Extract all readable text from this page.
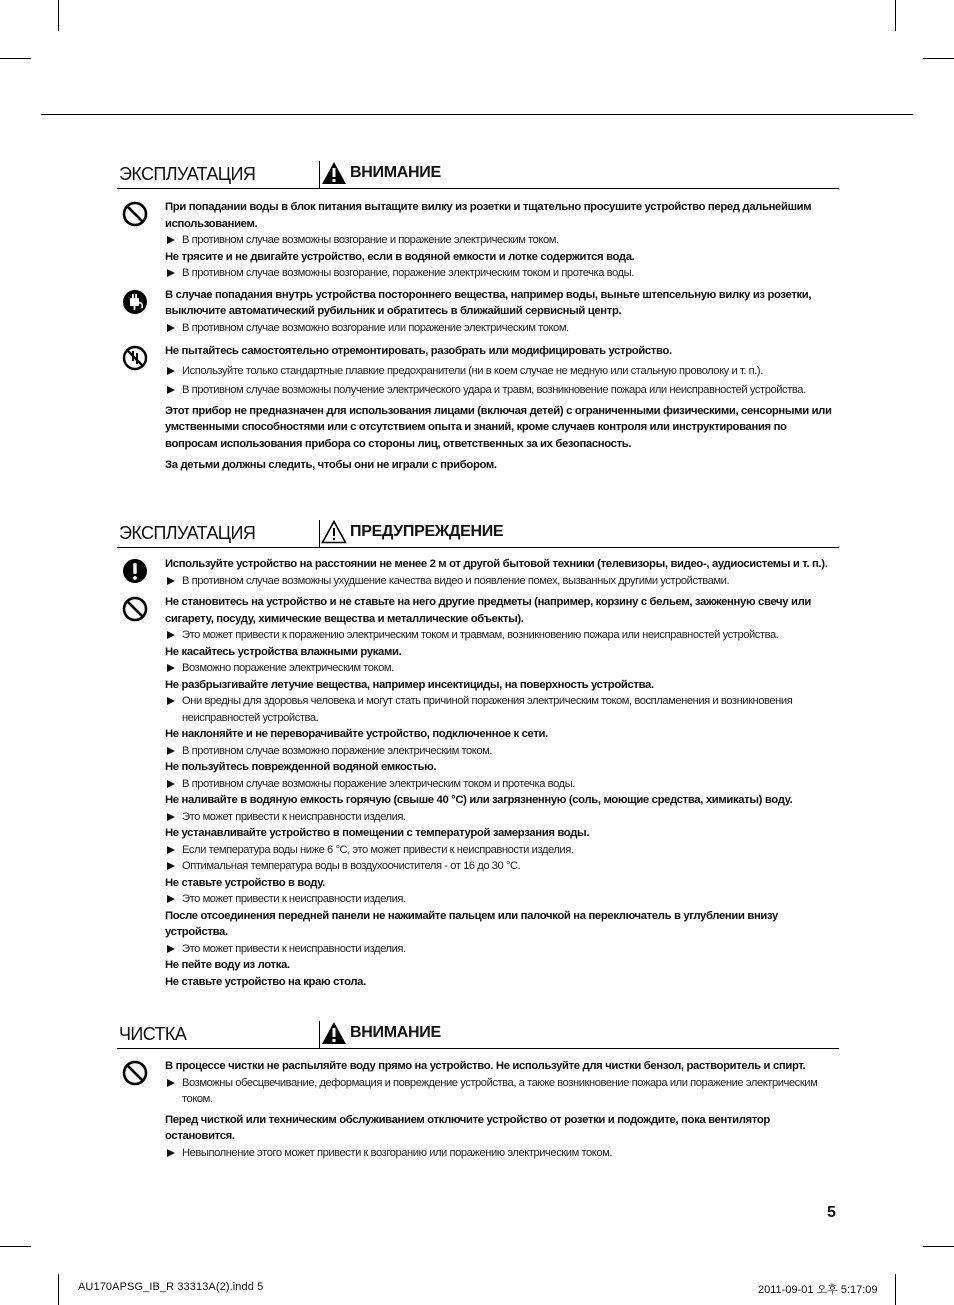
ЭКСПЛУАТАЦИЯ	ВНИМАНИЕ
При попадании воды в блок питания вытащите вилку из розетки и тщательно просушите устройство перед дальнейшим использованием.
В противном случае возможны возгорание и поражение электрическим током.
Не трясите и не двигайте устройство, если в водяной емкости и лотке содержится вода.
В противном случае возможны возгорание, поражение электрическим током и протечка воды.
В случае попадания внутрь устройства постороннего вещества, например воды, выньте штепсельную вилку из розетки, выключите автоматический рубильник и обратитесь в ближайший сервисный центр.
В противном случае возможно возгорание или поражение электрическим током.
Не пытайтесь самостоятельно отремонтировать, разобрать или модифицировать устройство.
Используйте только стандартные плавкие предохранители (ни в коем случае не медную или стальную проволоку и т. п.).
В противном случае возможны получение электрического удара и травм, возникновение пожара или неисправностей устройства.
Этот прибор не предназначен для использования лицами (включая детей) с ограниченными физическими, сенсорными или умственными способностями или с отсутствием опыта и знаний, кроме случаев контроля или инструктирования по вопросам использования прибора со стороны лиц, ответственных за их безопасность.
За детьми должны следить, чтобы они не играли с прибором.
ЭКСПЛУАТАЦИЯ	ПРЕДУПРЕЖДЕНИЕ
Используйте устройство на расстоянии не менее 2 м от другой бытовой техники (телевизоры, видео-, аудиосистемы и т. п.).
В противном случае возможны ухудшение качества видео и появление помех, вызванных другими устройствами.
Не становитесь на устройство и не ставьте на него другие предметы (например, корзину с бельем, зажженную свечу или сигарету, посуду, химические вещества и металлические объекты).
Это может привести к поражению электрическим током и травмам, возникновению пожара или неисправностей устройства.
Не касайтесь устройства влажными руками.
Возможно поражение электрическим током.
Не разбрызгивайте летучие вещества, например инсектициды, на поверхность устройства.
Они вредны для здоровья человека и могут стать причиной поражения электрическим током, воспламенения и возникновения неисправностей устройства.
Не наклоняйте и не переворачивайте устройство, подключенное к сети.
В противном случае возможно поражение электрическим током.
Не пользуйтесь поврежденной водяной емкостью.
В противном случае возможны поражение электрическим током и протечка воды.
Не наливайте в водяную емкость горячую (свыше 40 °C) или загрязненную (соль, моющие средства, химикаты) воду.
Это может привести к неисправности изделия.
Не устанавливайте устройство в помещении с температурой замерзания воды.
Если температура воды ниже 6 °C, это может привести к неисправности изделия.
Оптимальная температура воды в воздухоочистителя - от 16 до 30 °C.
Не ставьте устройство в воду.
Это может привести к неисправности изделия.
После отсоединения передней панели не нажимайте пальцем или палочкой на переключатель в углублении внизу устройства.
Это может привести к неисправности изделия.
Не пейте воду из лотка.
Не ставьте устройство на краю стола.
ЧИСТКА	ВНИМАНИЕ
В процессе чистки не распыляйте воду прямо на устройство. Не используйте для чистки бензол, растворитель и спирт.
Возможны обесцвечивание, деформация и повреждение устройства, а также возникновение пожара или поражение электрическим током.
Перед чисткой или техническим обслуживанием отключите устройство от розетки и подождите, пока вентилятор остановится.
Невыполнение этого может привести к возгоранию или поражению электрическим током.
5
AU170APSG_IB_R 33313A(2).indd 5	2011-09-01 오후 5:17:09
